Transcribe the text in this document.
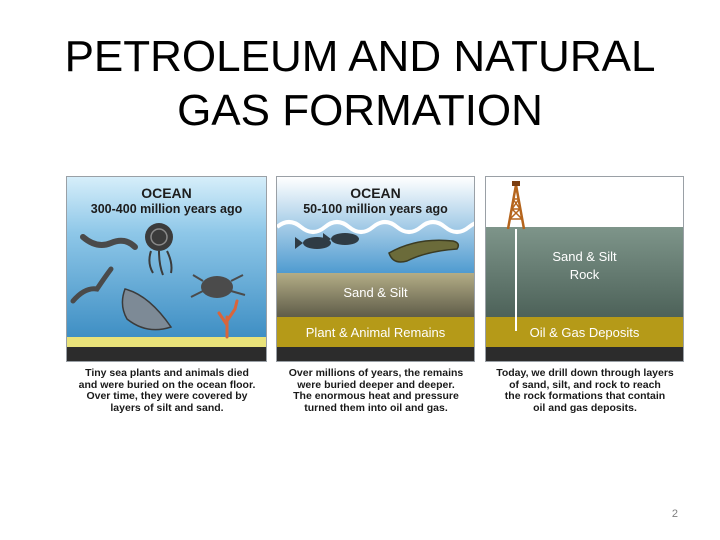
PETROLEUM AND NATURAL
GAS FORMATION
OCEAN
300-400 million years ago
OCEAN
50-100 million years ago
Sand & Silt
Plant & Animal Remains
Sand & Silt
Rock
Oil & Gas Deposits
Tiny sea plants and animals died
and were buried on the ocean floor.
Over time, they were covered by
layers of silt and sand.
Over millions of years, the remains
were buried deeper and deeper.
The enormous heat and pressure
turned them into oil and gas.
Today, we drill down through layers
of sand, silt, and rock to reach
the rock formations that contain
oil and gas deposits.
2
